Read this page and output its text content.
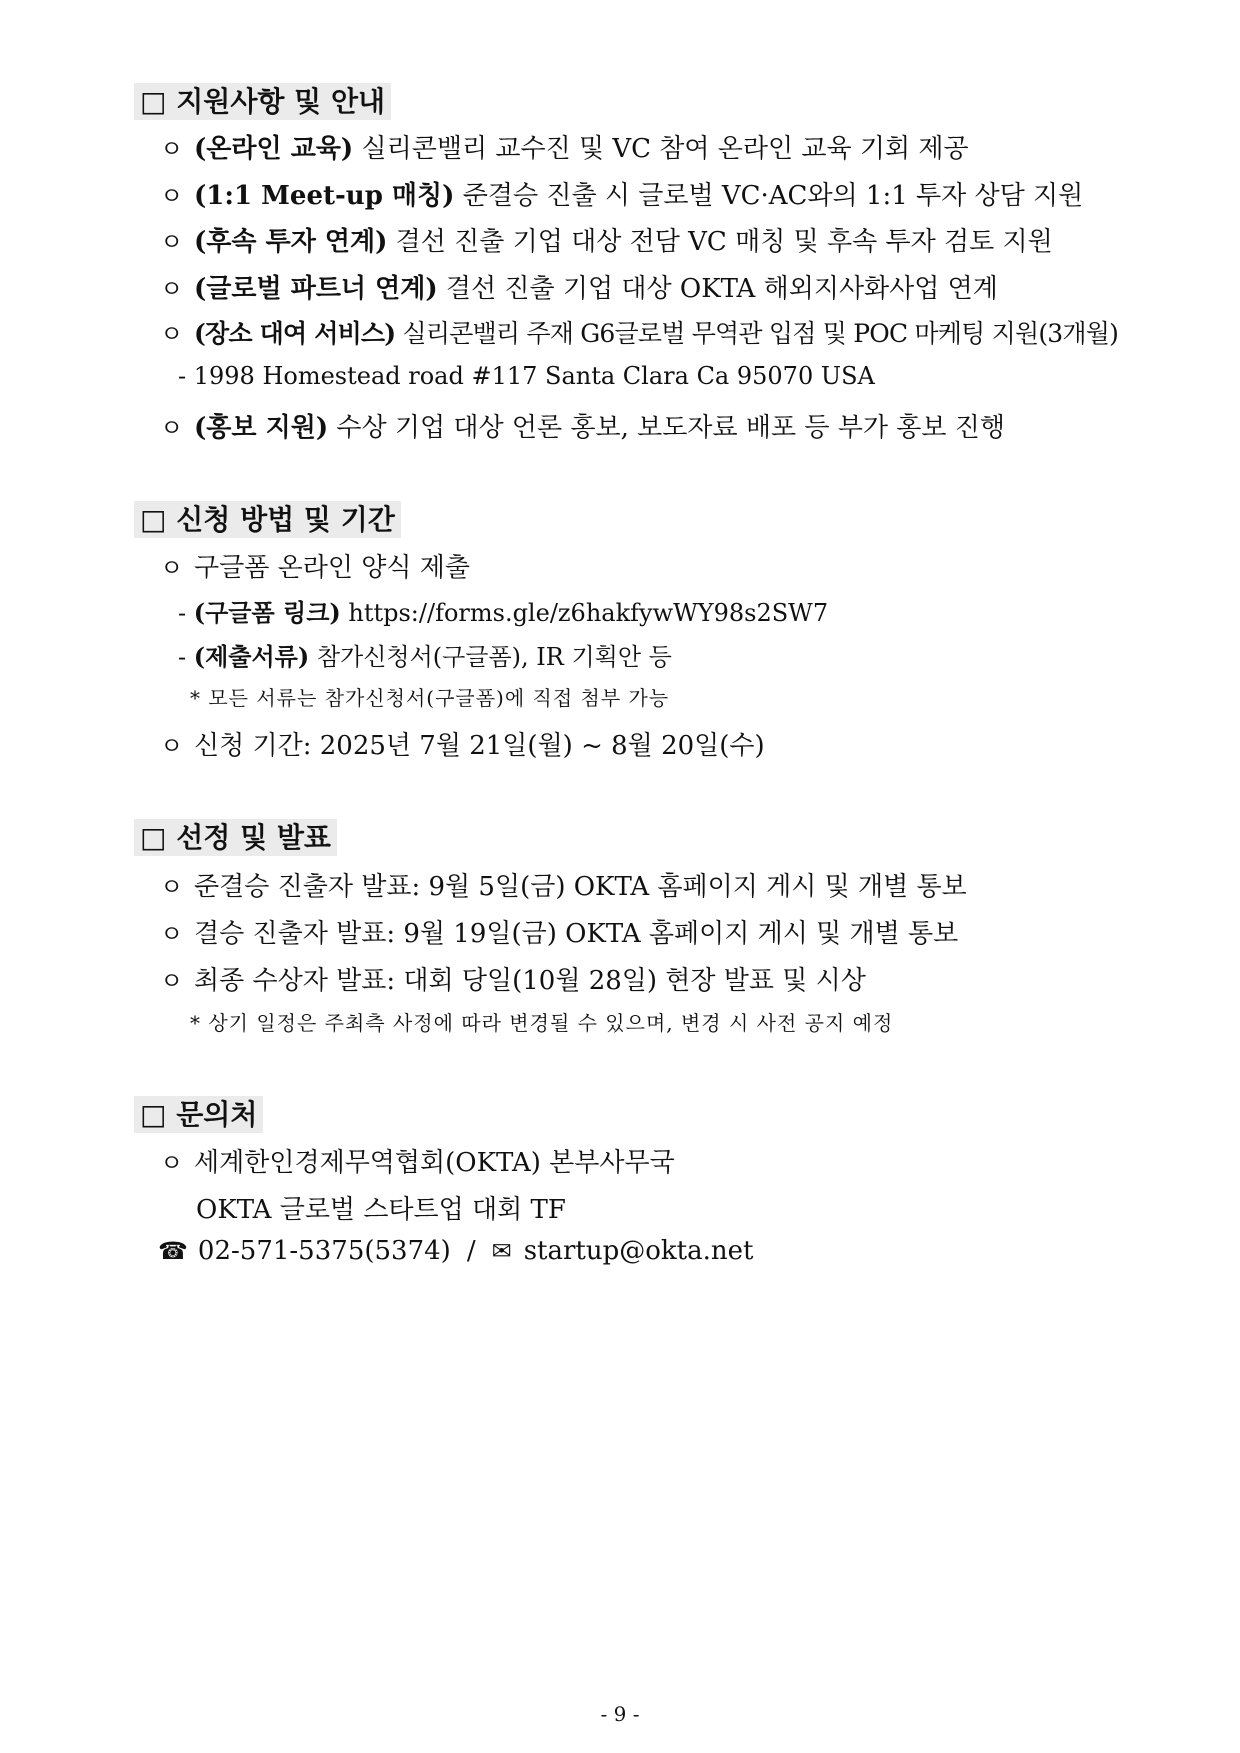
□ 지원사항 및 안내
ㅇ (온라인 교육) 실리콘밸리 교수진 및 VC 참여 온라인 교육 기회 제공
ㅇ (1:1 Meet-up 매칭) 준결승 진출 시 글로벌 VC·AC와의 1:1 투자 상담 지원
ㅇ (후속 투자 연계) 결선 진출 기업 대상 전담 VC 매칭 및 후속 투자 검토 지원
ㅇ (글로벌 파트너 연계) 결선 진출 기업 대상 OKTA 해외지사화사업 연계
ㅇ (장소 대여 서비스) 실리콘밸리 주재 G6글로벌 무역관 입점 및 POC 마케팅 지원(3개월)
- 1998 Homestead road #117 Santa Clara Ca 95070 USA
ㅇ (홍보 지원) 수상 기업 대상 언론 홍보, 보도자료 배포 등 부가 홍보 진행
□ 신청 방법 및 기간
ㅇ 구글폼 온라인 양식 제출
- (구글폼 링크) https://forms.gle/z6hakfywWY98s2SW7
- (제출서류) 참가신청서(구글폼), IR 기획안 등
* 모든 서류는 참가신청서(구글폼)에 직접 첨부 가능
ㅇ 신청 기간: 2025년 7월 21일(월) ~ 8월 20일(수)
□ 선정 및 발표
ㅇ 준결승 진출자 발표: 9월 5일(금) OKTA 홈페이지 게시 및 개별 통보
ㅇ 결승 진출자 발표: 9월 19일(금) OKTA 홈페이지 게시 및 개별 통보
ㅇ 최종 수상자 발표: 대회 당일(10월 28일) 현장 발표 및 시상
* 상기 일정은 주최측 사정에 따라 변경될 수 있으며, 변경 시 사전 공지 예정
□ 문의처
ㅇ 세계한인경제무역협회(OKTA) 본부사무국
OKTA 글로벌 스타트업 대회 TF
☎ 02-571-5375(5374) / ✉ startup@okta.net
- 9 -
